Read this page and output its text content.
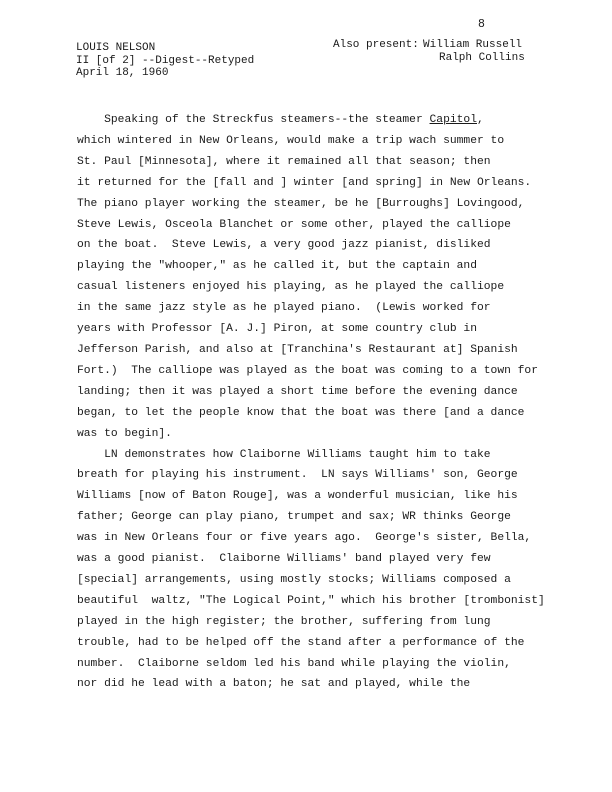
8
LOUIS NELSON
II [of 2] --Digest--Retyped
April 18, 1960
Also present: William Russell
Ralph Collins
Speaking of the Streckfus steamers--the steamer Capitol,
which wintered in New Orleans, would make a trip wach summer to
St. Paul [Minnesota], where it remained all that season; then
it returned for the [fall and ] winter [and spring] in New Orleans.
The piano player working the steamer, be he [Burroughs] Lovingood,
Steve Lewis, Osceola Blanchet or some other, played the calliope
on the boat.  Steve Lewis, a very good jazz pianist, disliked
playing the "whooper," as he called it, but the captain and
casual listeners enjoyed his playing, as he played the calliope
in the same jazz style as he played piano.  (Lewis worked for
years with Professor [A. J.] Piron, at some country club in
Jefferson Parish, and also at [Tranchina's Restaurant at] Spanish
Fort.)  The calliope was played as the boat was coming to a town for
landing; then it was played a short time before the evening dance
began, to let the people know that the boat was there [and a dance
was to begin].
LN demonstrates how Claiborne Williams taught him to take
breath for playing his instrument.  LN says Williams' son, George
Williams [now of Baton Rouge], was a wonderful musician, like his
father; George can play piano, trumpet and sax; WR thinks George
was in New Orleans four or five years ago.  George's sister, Bella,
was a good pianist.  Claiborne Williams' band played very few
[special] arrangements, using mostly stocks; Williams composed a
beautiful  waltz, "The Logical Point," which his brother [trombonist]
played in the high register; the brother, suffering from lung
trouble, had to be helped off the stand after a performance of the
number.  Claiborne seldom led his band while playing the violin,
nor did he lead with a baton; he sat and played, while the
